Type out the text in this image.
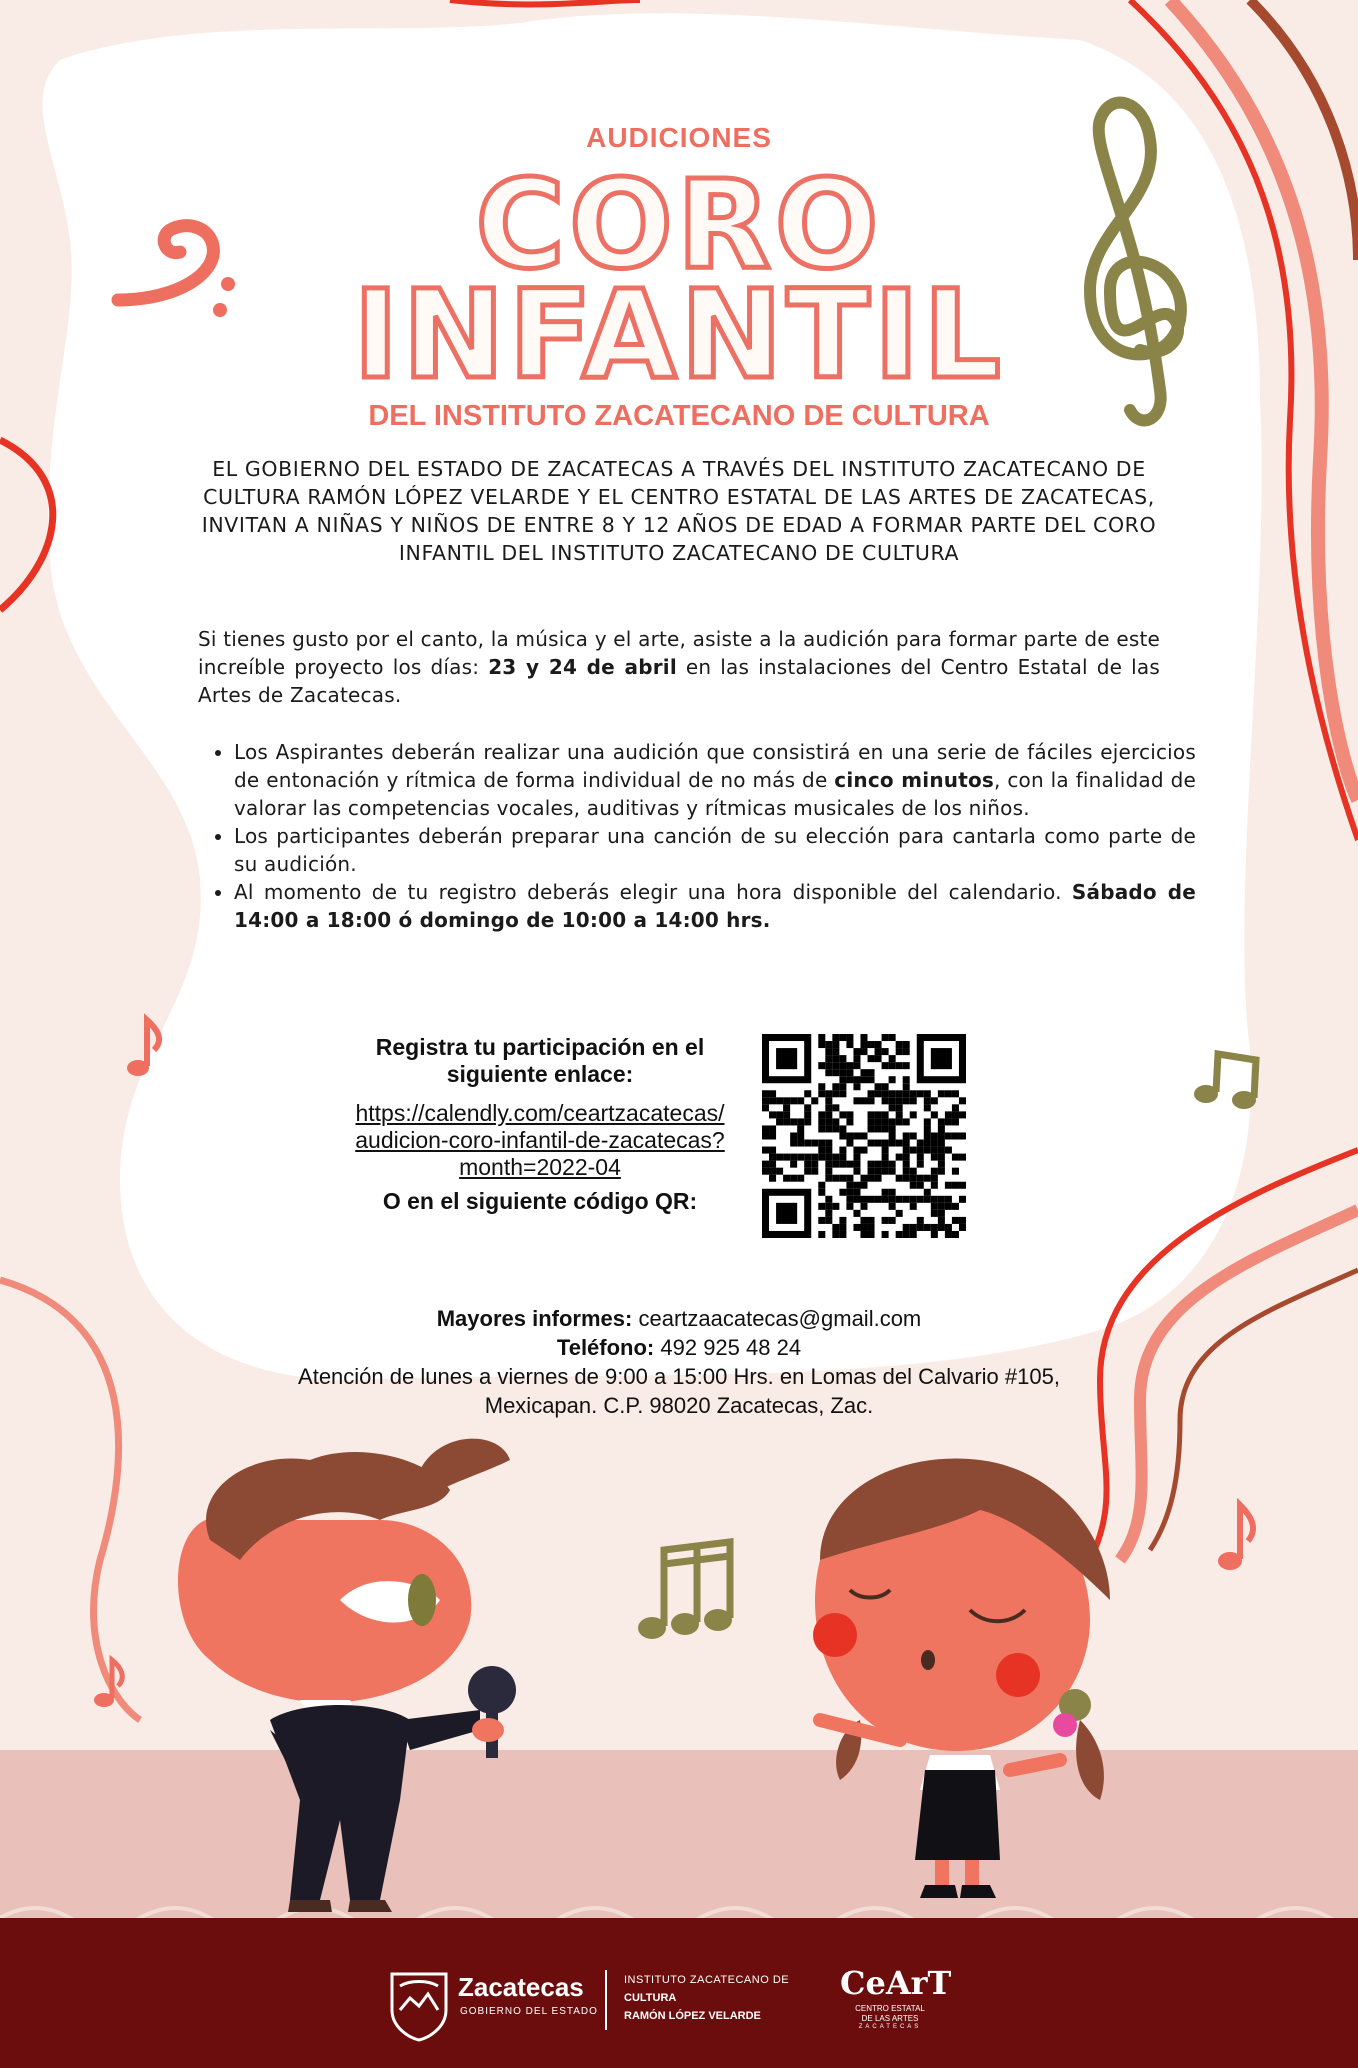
AUDICIONES
CORO
INFANTIL
DEL INSTITUTO ZACATECANO DE CULTURA
EL GOBIERNO DEL ESTADO DE ZACATECAS A TRAVÉS DEL INSTITUTO ZACATECANO DE CULTURA RAMÓN LÓPEZ VELARDE Y EL CENTRO ESTATAL DE LAS ARTES DE ZACATECAS, INVITAN A NIÑAS Y NIÑOS DE ENTRE 8 Y 12 AÑOS DE EDAD A FORMAR PARTE DEL CORO INFANTIL DEL INSTITUTO ZACATECANO DE CULTURA
Si tienes gusto por el canto, la música y el arte, asiste a la audición para formar parte de este increíble proyecto los días: 23 y 24 de abril en las instalaciones del Centro Estatal de las Artes de Zacatecas.
• Los Aspirantes deberán realizar una audición que consistirá en una serie de fáciles ejercicios de entonación y rítmica de forma individual de no más de cinco minutos, con la finalidad de valorar las competencias vocales, auditivas y rítmicas musicales de los niños.
• Los participantes deberán preparar una canción de su elección para cantarla como parte de su audición.
• Al momento de tu registro deberás elegir una hora disponible del calendario. Sábado de 14:00 a 18:00 ó domingo de 10:00 a 14:00 hrs.
Registra tu participación en el siguiente enlace:
https://calendly.com/ceartzacatecas/audicion-coro-infantil-de-zacatecas?month=2022-04
O en el siguiente código QR:
Mayores informes: ceartzaacatecas@gmail.com
Teléfono: 492 925 48 24
Atención de lunes a viernes de 9:00 a 15:00 Hrs. en Lomas del Calvario #105,
Mexicapan. C.P. 98020 Zacatecas, Zac.
Zacatecas
GOBIERNO DEL ESTADO
INSTITUTO ZACATECANO DE
CULTURA
RAMÓN LÓPEZ VELARDE
CeArT
CENTRO ESTATAL
DE LAS ARTES
ZACATECAS
